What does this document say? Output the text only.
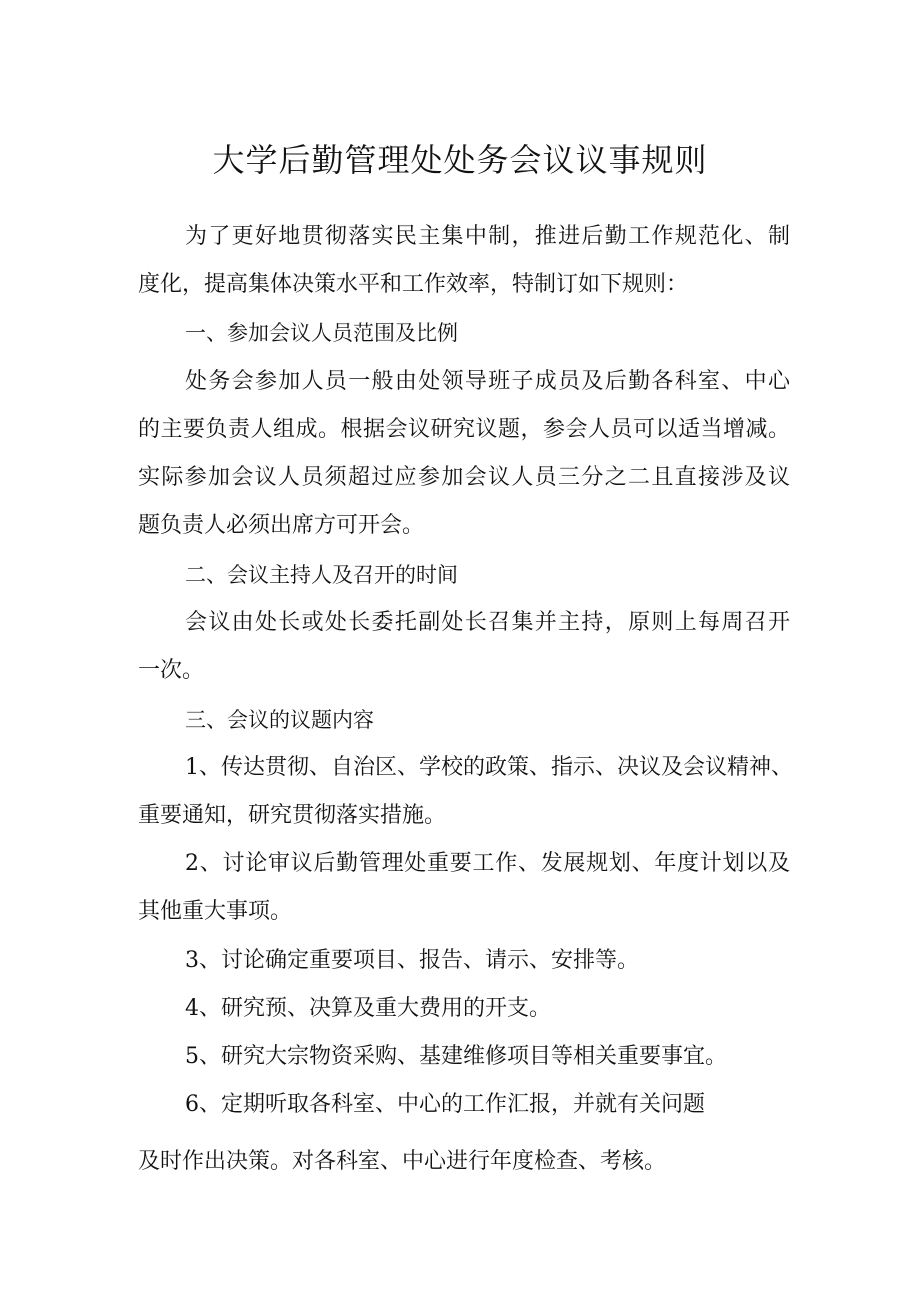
大学后勤管理处处务会议议事规则

为了更好地贯彻落实民主集中制，推进后勤工作规范化、制

度化，提高集体决策水平和工作效率，特制订如下规则：

一、参加会议人员范围及比例

处务会参加人员一般由处领导班子成员及后勤各科室、中心

的主要负责人组成。根据会议研究议题，参会人员可以适当增减。

实际参加会议人员须超过应参加会议人员三分之二且直接涉及议

题负责人必须出席方可开会。

二、会议主持人及召开的时间

会议由处长或处长委托副处长召集并主持，原则上每周召开

一次。

三、会议的议题内容

1、传达贯彻、自治区、学校的政策、指示、决议及会议精神、

重要通知，研究贯彻落实措施。

2、讨论审议后勤管理处重要工作、发展规划、年度计划以及

其他重大事项。

3、讨论确定重要项目、报告、请示、安排等。

4、研究预、决算及重大费用的开支。

5、研究大宗物资采购、基建维修项目等相关重要事宜。

6、定期听取各科室、中心的工作汇报，并就有关问题

及时作出决策。对各科室、中心进行年度检查、考核。
